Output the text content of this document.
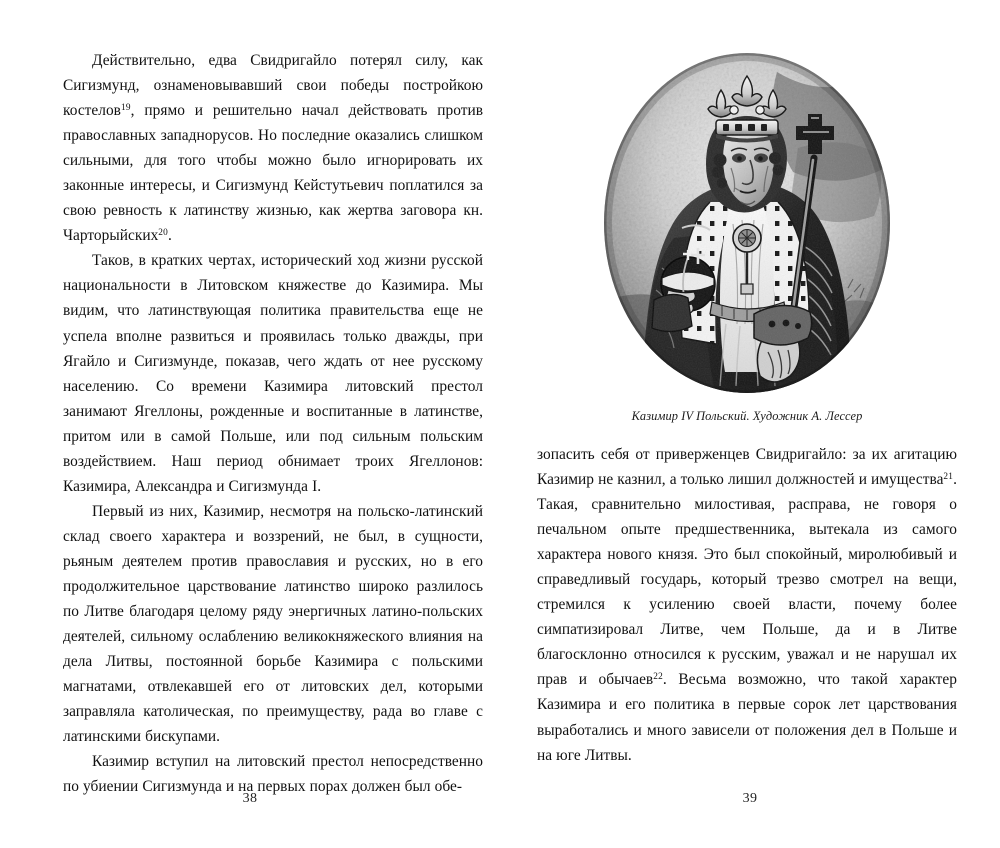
Действительно, едва Свидригайло потерял силу, как Сигизмунд, ознаменовывавший свои победы постройкою костелов$^{19}$, прямо и решительно начал действовать против православных западнорусов. Но последние оказались слишком сильными, для того чтобы можно было игнорировать их законные интересы, и Сигизмунд Кейстутьевич поплатился за свою ревность к латинству жизнью, как жертва заговора кн. Чарторыйских$^{20}$.

Таков, в кратких чертах, исторический ход жизни русской национальности в Литовском княжестве до Казимира. Мы видим, что латинствующая политика правительства еще не успела вполне развиться и проявилась только дважды, при Ягайло и Сигизмунде, показав, чего ждать от нее русскому населению. Со времени Казимира литовский престол занимают Ягеллоны, рожденные и воспитанные в латинстве, притом или в самой Польше, или под сильным польским воздействием. Наш период обнимает троих Ягеллонов: Казимира, Александра и Сигизмунда I.

Первый из них, Казимир, несмотря на польско-латинский склад своего характера и воззрений, не был, в сущности, рьяным деятелем против православия и русских, но в его продолжительное царствование латинство широко разлилось по Литве благодаря целому ряду энергичных латино-польских деятелей, сильному ослаблению великокняжеского влияния на дела Литвы, постоянной борьбе Казимира с польскими магнатами, отвлекавшей его от литовских дел, которыми заправляла католическая, по преимуществу, рада во главе с латинскими бискупами.

Казимир вступил на литовский престол непосредственно по убиении Сигизмунда и на первых порах должен был обе-

38
Казимир IV Польский. Художник А. Лессер

зопасить себя от приверженцев Свидригайло: за их агитацию Казимир не казнил, а только лишил должностей и имущества$^{21}$. Такая, сравнительно милостивая, расправа, не говоря о печальном опыте предшественника, вытекала из самого характера нового князя. Это был спокойный, миролюбивый и справедливый государь, который трезво смотрел на вещи, стремился к усилению своей власти, почему более симпатизировал Литве, чем Польше, да и в Литве благосклонно относился к русским, уважал и не нарушал их прав и обычаев$^{22}$. Весьма возможно, что такой характер Казимира и его политика в первые сорок лет царствования выработались и много зависели от положения дел в Польше и на юге Литвы.

39
